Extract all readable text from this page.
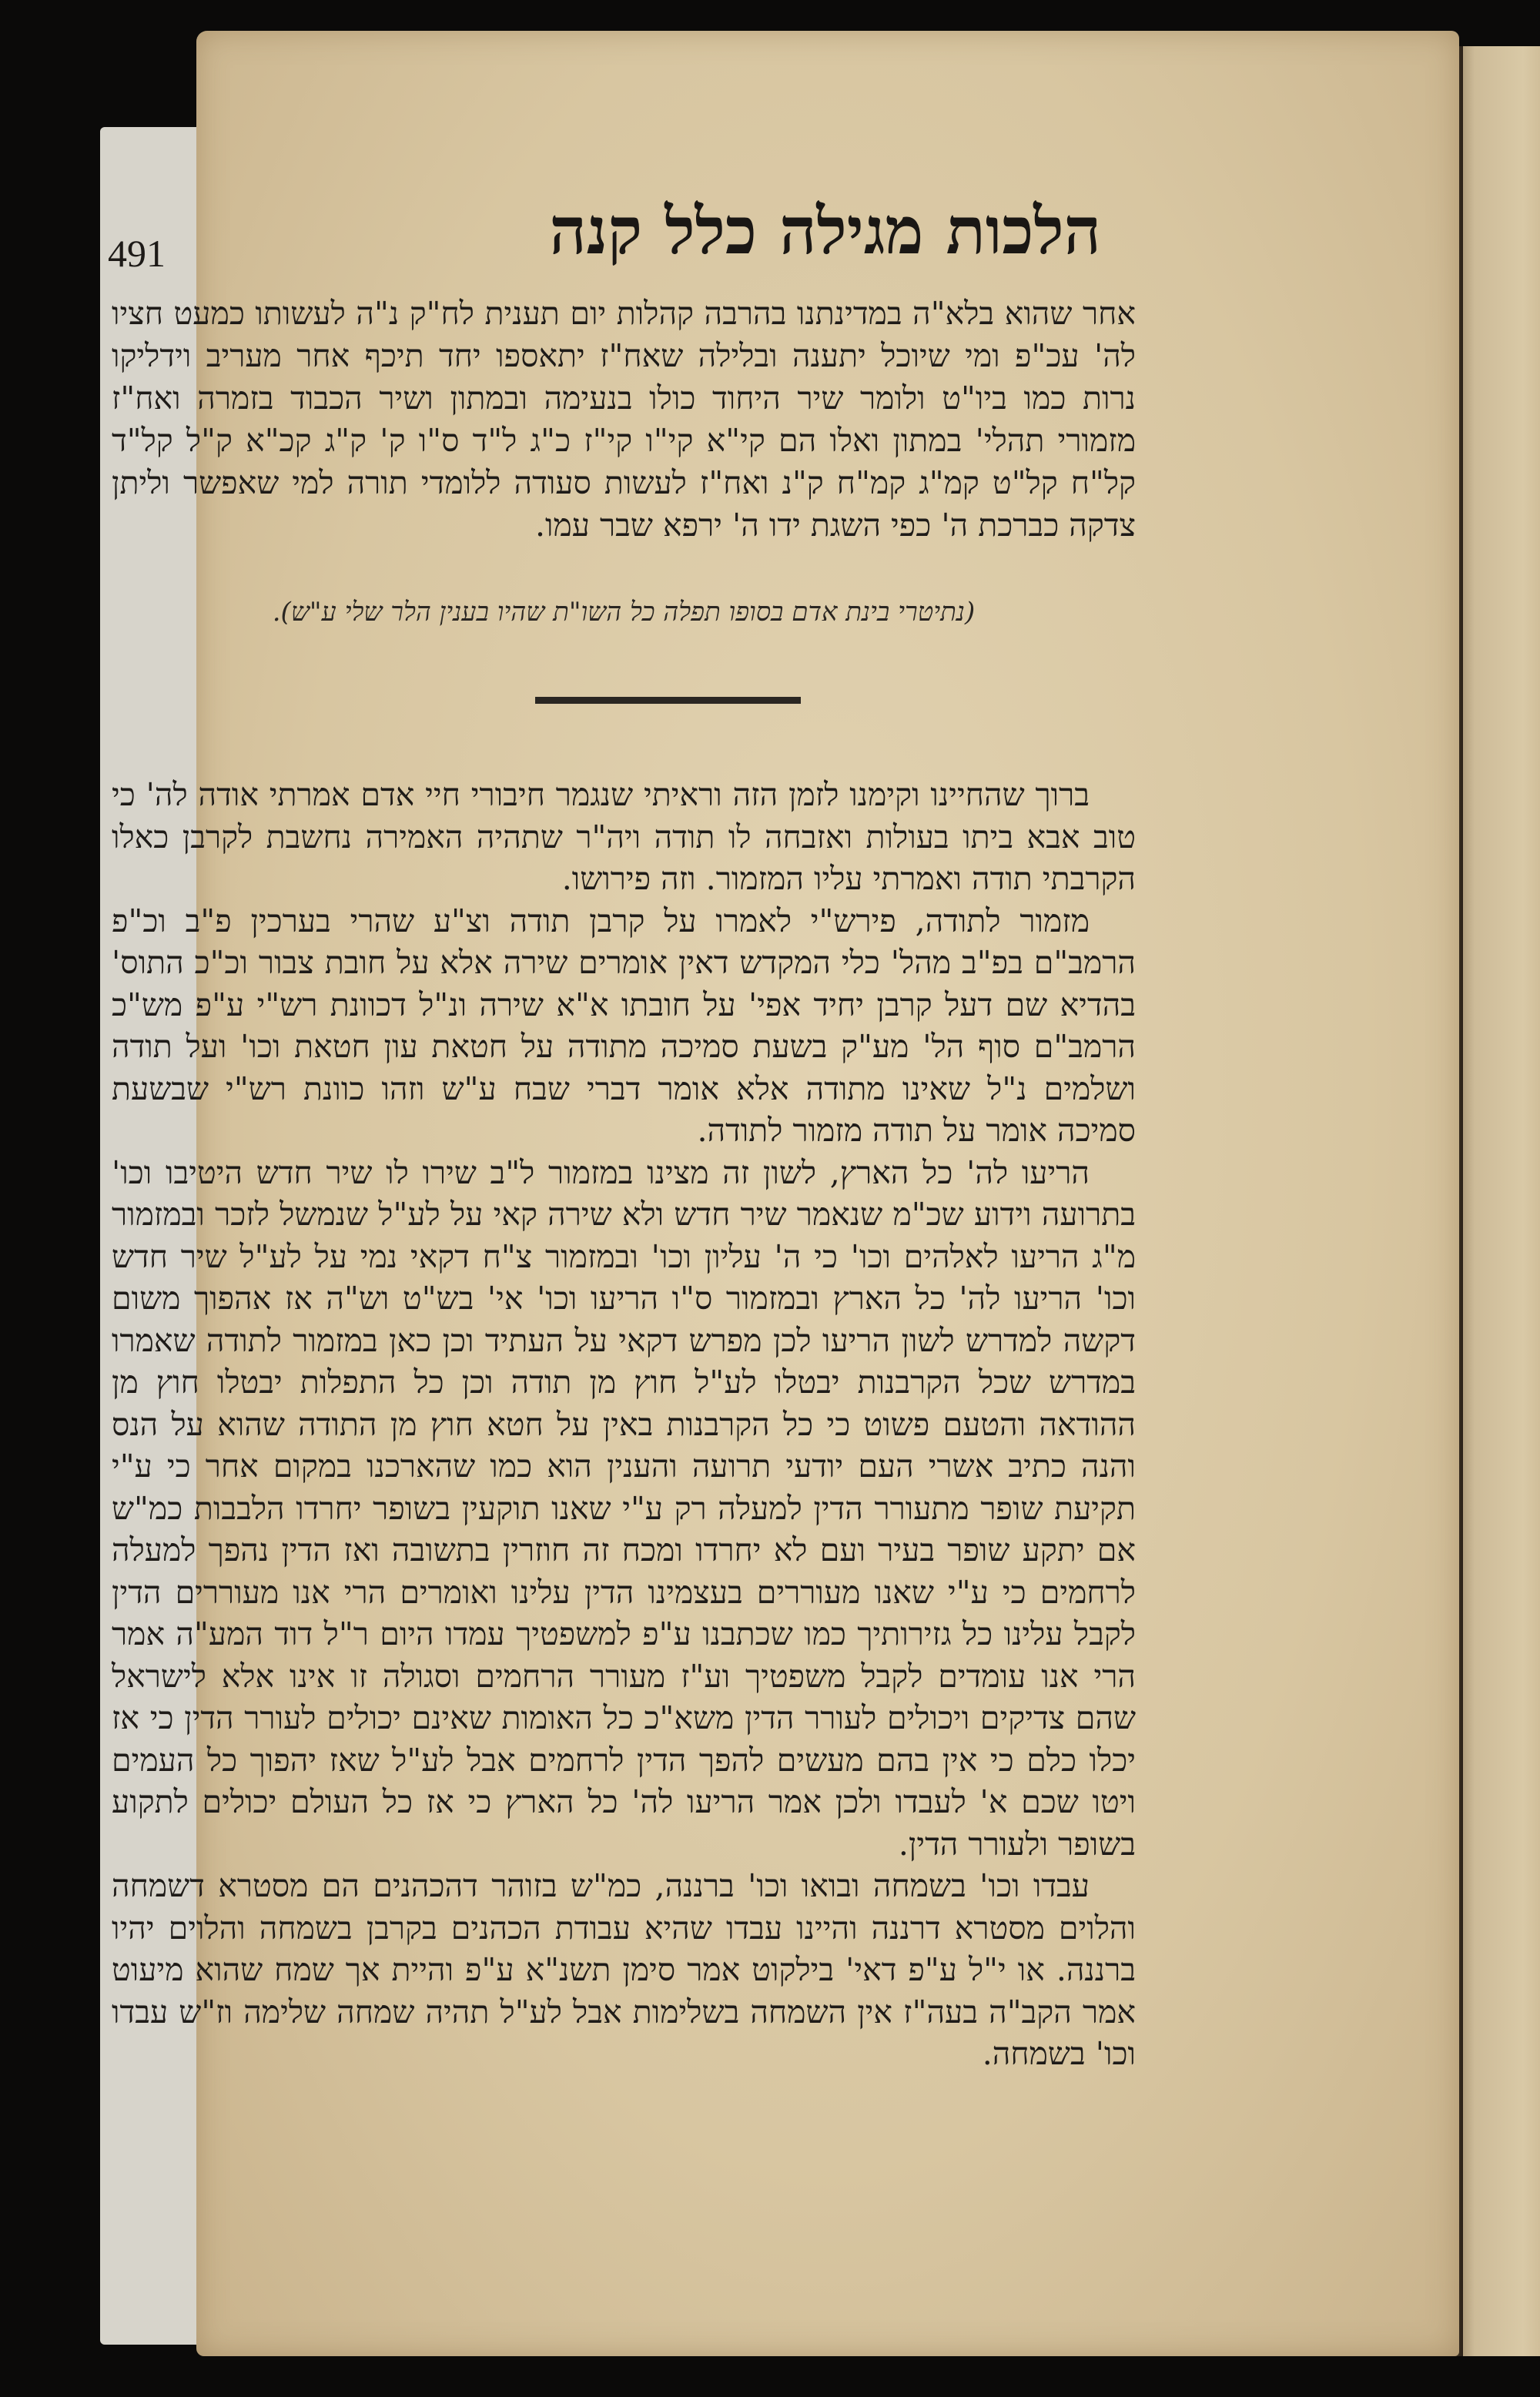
491	הלכות מגילה כלל קנה

אחר שהוא בלא"ה במדינתנו בהרבה קהלות יום תענית לח"ק נ"ה לעשותו כמעט חציו לה' עכ"פ ומי שיוכל יתענה ובלילה שאח"ז יתאספו יחד תיכף אחר מעריב וידליקו נרות כמו ביו"ט ולומר שיר היחוד כולו בנעימה ובמתון ושיר הכבוד בזמרה ואח"ז מזמורי תהלי' במתון ואלו הם קי"א קי"ו קי"ז כ"ג ל"ד ס"ו ק' ק"ג קכ"א ק"ל קל"ד קל"ח קל"ט קמ"ג קמ"ח ק"נ ואח"ז לעשות סעודה ללומדי תורה למי שאפשר וליתן צדקה כברכת ה' כפי השגת ידו ה' ירפא שבר עמו.

(נתיטרי בינת אדם בסופו תפלה כל השו"ת שהיו בענין הלר שלי ע"ש).

ברוך שהחיינו וקימנו לזמן הזה וראיתי שנגמר חיבורי חיי אדם אמרתי אודה לה' כי טוב אבא ביתו בעולות ואזבחה לו תודה ויה"ר שתהיה האמירה נחשבת לקרבן כאלו הקרבתי תודה ואמרתי עליו המזמור. וזה פירושו.

מזמור לתודה, פירש"י לאמרו על קרבן תודה וצ"ע שהרי בערכין פ"ב וכ"פ הרמב"ם בפ"ב מהל' כלי המקדש דאין אומרים שירה אלא על חובת צבור וכ"כ התוס' בהדיא שם דעל קרבן יחיד אפי' על חובתו א"א שירה ונ"ל דכוונת רש"י ע"פ מש"כ הרמב"ם סוף הל' מע"ק בשעת סמיכה מתודה על חטאת עון חטאת וכו' ועל תודה ושלמים נ"ל שאינו מתודה אלא אומר דברי שבח ע"ש וזהו כוונת רש"י שבשעת סמיכה אומר על תודה מזמור לתודה.

הריעו לה' כל הארץ, לשון זה מצינו במזמור ל"ב שירו לו שיר חדש היטיבו וכו' בתרועה וידוע שכ"מ שנאמר שיר חדש ולא שירה קאי על לע"ל שנמשל לזכר ובמזמור מ"ג הריעו לאלהים וכו' כי ה' עליון וכו' ובמזמור צ"ח דקאי נמי על לע"ל שיר חדש וכו' הריעו לה' כל הארץ ובמזמור ס"ו הריעו וכו' אי' בש"ט וש"ה אז אהפוך משום דקשה למדרש לשון הריעו לכן מפרש דקאי על העתיד וכן כאן במזמור לתודה שאמרו במדרש שכל הקרבנות יבטלו לע"ל חוץ מן תודה וכן כל התפלות יבטלו חוץ מן ההודאה והטעם פשוט כי כל הקרבנות באין על חטא חוץ מן התודה שהוא על הנס והנה כתיב אשרי העם יודעי תרועה והענין הוא כמו שהארכנו במקום אחר כי ע"י תקיעת שופר מתעורר הדין למעלה רק ע"י שאנו תוקעין בשופר יחרדו הלבבות כמ"ש אם יתקע שופר בעיר ועם לא יחרדו ומכח זה חוזרין בתשובה ואז הדין נהפך למעלה לרחמים כי ע"י שאנו מעוררים בעצמינו הדין עלינו ואומרים הרי אנו מעוררים הדין לקבל עלינו כל גזירותיך כמו שכתבנו ע"פ למשפטיך עמדו היום ר"ל דוד המע"ה אמר הרי אנו עומדים לקבל משפטיך וע"ז מעורר הרחמים וסגולה זו אינו אלא לישראל שהם צדיקים ויכולים לעורר הדין משא"כ כל האומות שאינם יכולים לעורר הדין כי אז יכלו כלם כי אין בהם מעשים להפך הדין לרחמים אבל לע"ל שאז יהפוך כל העמים ויטו שכם א' לעבדו ולכן אמר הריעו לה' כל הארץ כי אז כל העולם יכולים לתקוע בשופר ולעורר הדין.

עבדו וכו' בשמחה ובואו וכו' ברננה, כמ"ש בזוהר דהכהנים הם מסטרא דשמחה והלוים מסטרא דרננה והיינו עבדו שהיא עבודת הכהנים בקרבן בשמחה והלוים יהיו ברננה. או י"ל ע"פ דאי' בילקוט אמר סימן תשנ"א ע"פ והיית אך שמח שהוא מיעוט אמר הקב"ה בעה"ז אין השמחה בשלימות אבל לע"ל תהיה שמחה שלימה וז"ש עבדו וכו' בשמחה.
